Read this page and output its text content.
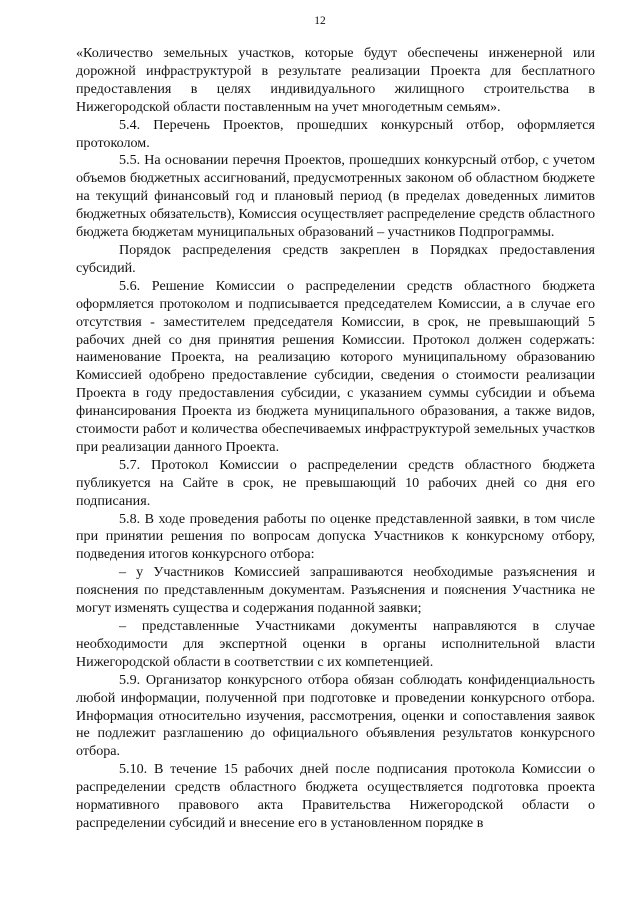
12

«Количество земельных участков, которые будут обеспечены инженерной или дорожной инфраструктурой в результате реализации Проекта для бесплатного предоставления в целях индивидуального жилищного строительства в Нижегородской области поставленным на учет многодетным семьям».

5.4. Перечень Проектов, прошедших конкурсный отбор, оформляется протоколом.

5.5. На основании перечня Проектов, прошедших конкурсный отбор, с учетом объемов бюджетных ассигнований, предусмотренных законом об областном бюджете на текущий финансовый год и плановый период (в пределах доведенных лимитов бюджетных обязательств), Комиссия осуществляет распределение средств областного бюджета бюджетам муниципальных образований – участников Подпрограммы.

Порядок распределения средств закреплен в Порядках предоставления субсидий.

5.6. Решение Комиссии о распределении средств областного бюджета оформляется протоколом и подписывается председателем Комиссии, а в случае его отсутствия - заместителем председателя Комиссии, в срок, не превышающий 5 рабочих дней со дня принятия решения Комиссии. Протокол должен содержать: наименование Проекта, на реализацию которого муниципальному образованию Комиссией одобрено предоставление субсидии, сведения о стоимости реализации Проекта в году предоставления субсидии, с указанием суммы субсидии и объема финансирования Проекта из бюджета муниципального образования, а также видов, стоимости работ и количества обеспечиваемых инфраструктурой земельных участков при реализации данного Проекта.

5.7. Протокол Комиссии о распределении средств областного бюджета публикуется на Сайте в срок, не превышающий 10 рабочих дней со дня его подписания.

5.8. В ходе проведения работы по оценке представленной заявки, в том числе при принятии решения по вопросам допуска Участников к конкурсному отбору, подведения итогов конкурсного отбора:

– у Участников Комиссией запрашиваются необходимые разъяснения и пояснения по представленным документам. Разъяснения и пояснения Участника не могут изменять существа и содержания поданной заявки;

– представленные Участниками документы направляются в случае необходимости для экспертной оценки в органы исполнительной власти Нижегородской области в соответствии с их компетенцией.

5.9. Организатор конкурсного отбора обязан соблюдать конфиденциальность любой информации, полученной при подготовке и проведении конкурсного отбора. Информация относительно изучения, рассмотрения, оценки и сопоставления заявок не подлежит разглашению до официального объявления результатов конкурсного отбора.

5.10. В течение 15 рабочих дней после подписания протокола Комиссии о распределении средств областного бюджета осуществляется подготовка проекта нормативного правового акта Правительства Нижегородской области о распределении субсидий и внесение его в установленном порядке в
